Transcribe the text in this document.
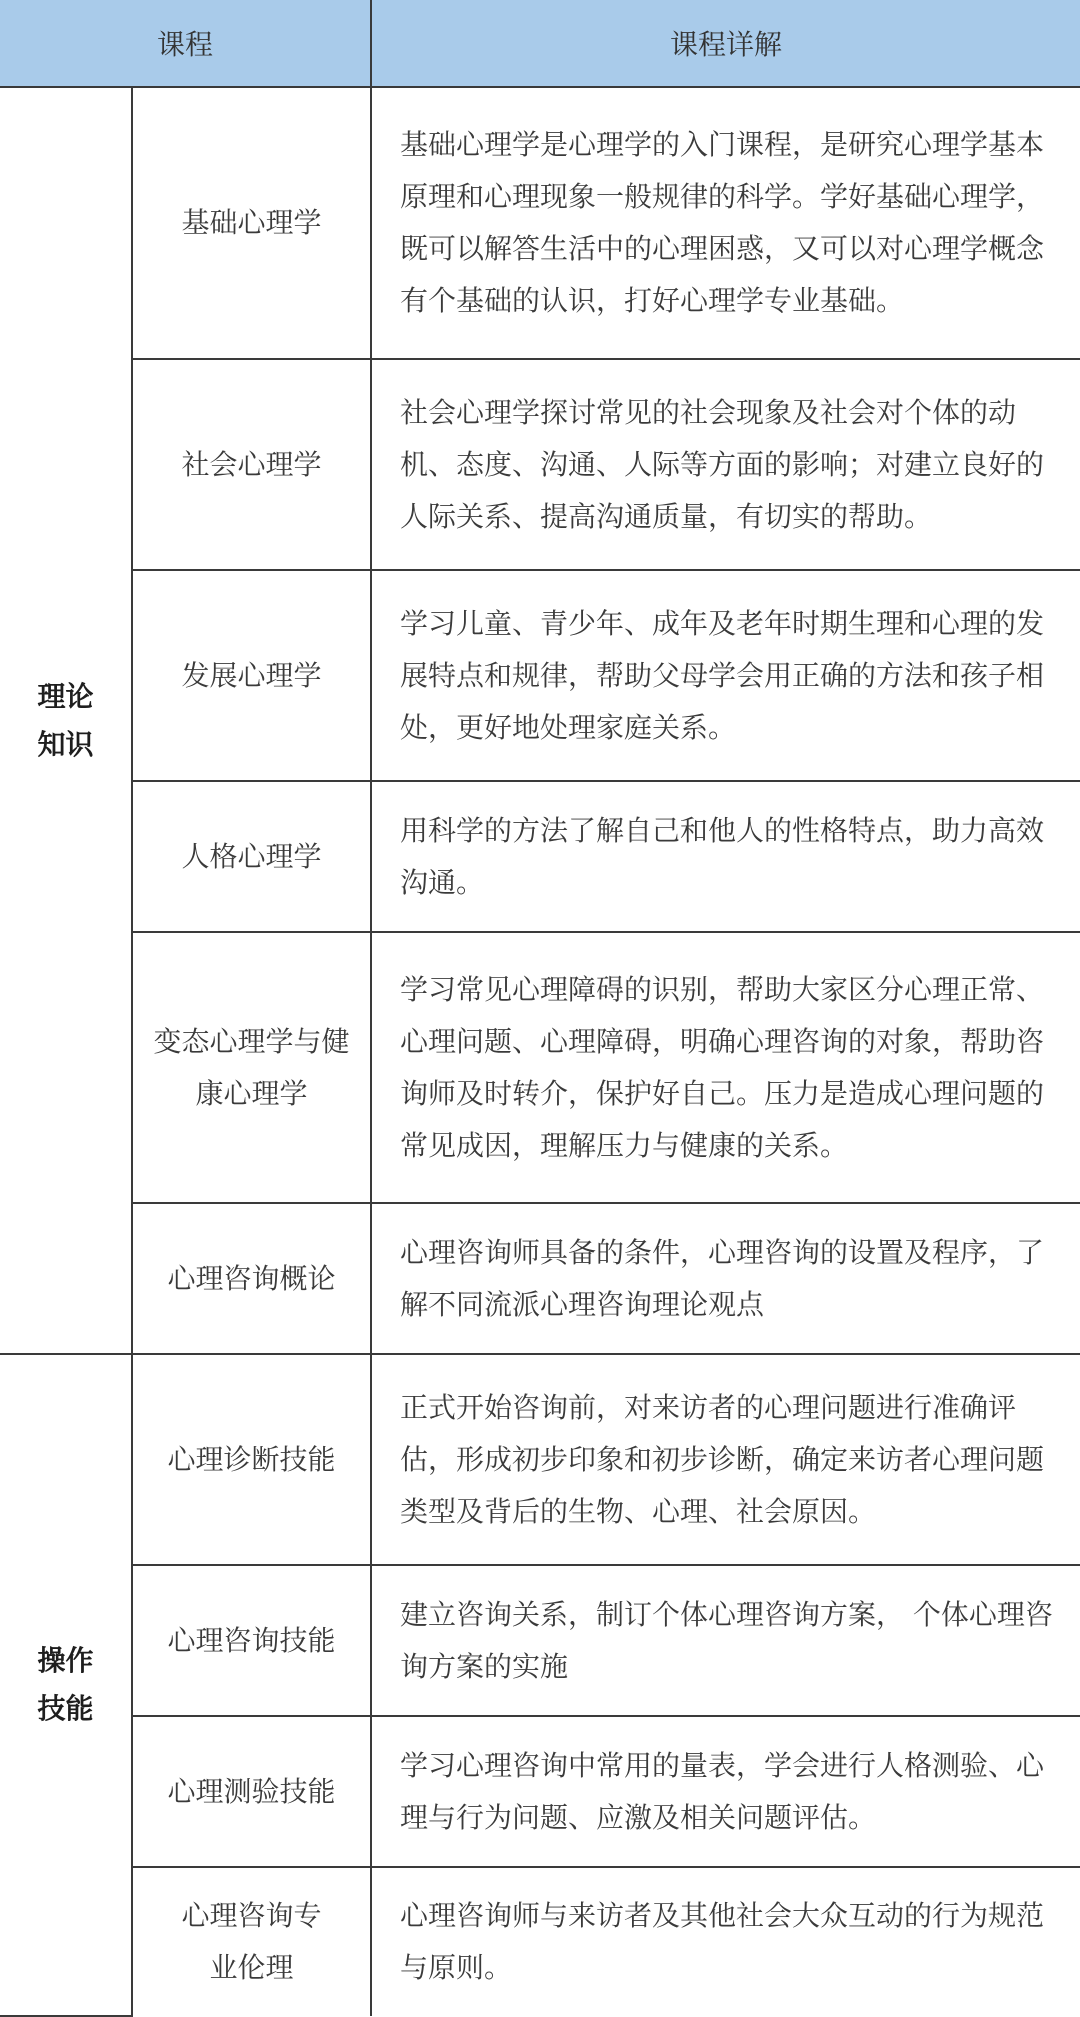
课程		课程详解
理论知识	基础心理学	基础心理学是心理学的入门课程，是研究心理学基本原理和心理现象一般规律的科学。学好基础心理学，既可以解答生活中的心理困惑，又可以对心理学概念有个基础的认识，打好心理学专业基础。
	社会心理学	社会心理学探讨常见的社会现象及社会对个体的动机、态度、沟通、人际等方面的影响；对建立良好的人际关系、提高沟通质量，有切实的帮助。
	发展心理学	学习儿童、青少年、成年及老年时期生理和心理的发展特点和规律，帮助父母学会用正确的方法和孩子相处，更好地处理家庭关系。
	人格心理学	用科学的方法了解自己和他人的性格特点，助力高效沟通。
	变态心理学与健康心理学	学习常见心理障碍的识别，帮助大家区分心理正常、心理问题、心理障碍，明确心理咨询的对象，帮助咨询师及时转介，保护好自己。压力是造成心理问题的常见成因，理解压力与健康的关系。
	心理咨询概论	心理咨询师具备的条件，心理咨询的设置及程序，了解不同流派心理咨询理论观点
操作技能	心理诊断技能	正式开始咨询前，对来访者的心理问题进行准确评估，形成初步印象和初步诊断，确定来访者心理问题类型及背后的生物、心理、社会原因。
	心理咨询技能	建立咨询关系，制订个体心理咨询方案， 个体心理咨询方案的实施
	心理测验技能	学习心理咨询中常用的量表，学会进行人格测验、心理与行为问题、应激及相关问题评估。
	心理咨询专业伦理	心理咨询师与来访者及其他社会大众互动的行为规范与原则。
